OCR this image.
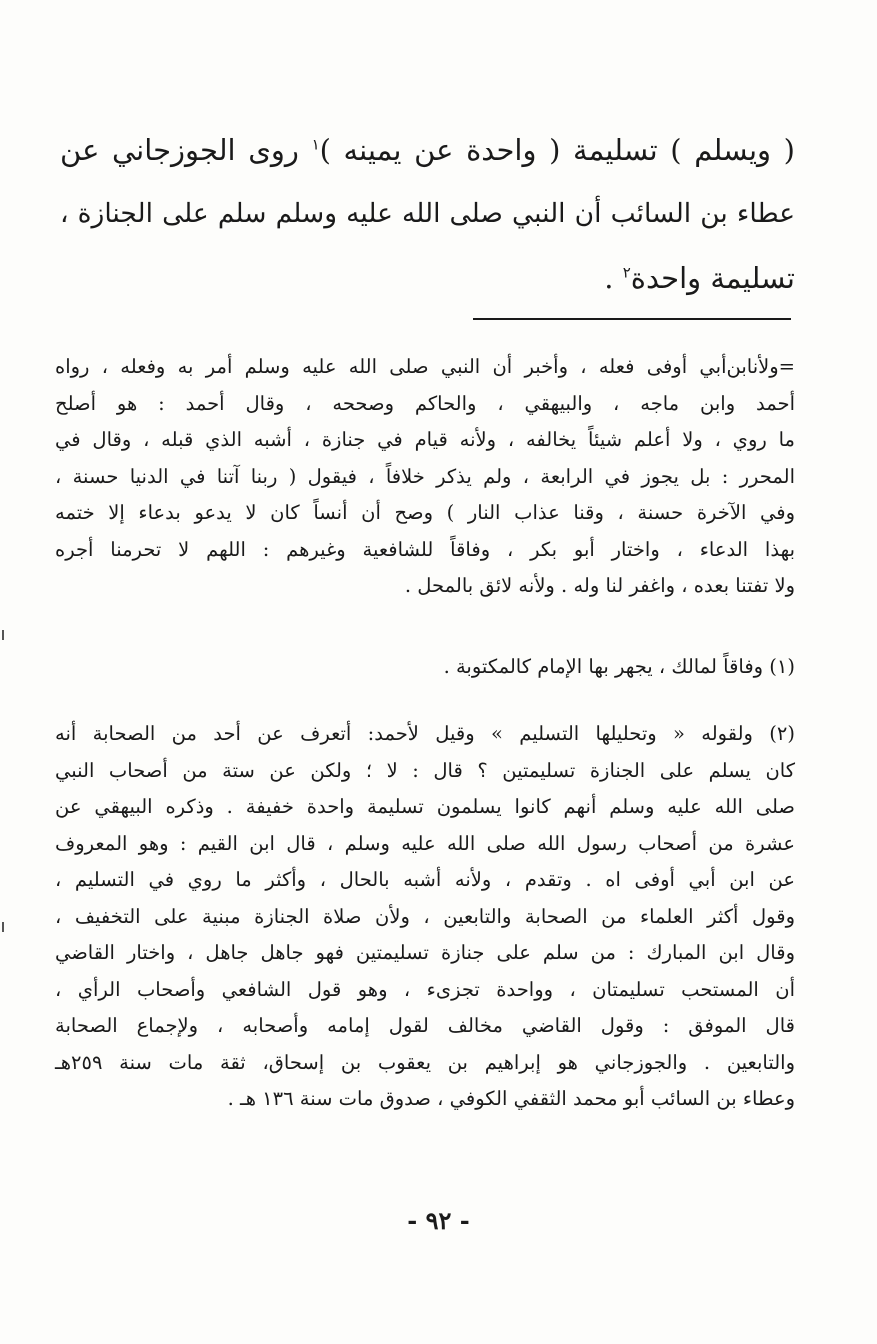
( ويسلم ) تسليمة ( واحدة عن يمينه )$^١$ روى الجوزجاني عن
عطاء بن السائب أن النبي صلى الله عليه وسلم سلم على الجنازة ،
تسليمة واحدة$^٢$ .
=ولأنابن‌أبي أوفى فعله ، وأخبر أن النبي صلى الله عليه وسلم أمر به وفعله ، رواه
أحمد وابن ماجه ، والبيهقي ، والحاكم وصححه ، وقال أحمد : هو أصلح
ما روي ، ولا أعلم شيئاً يخالفه ، ولأنه قيام في جنازة ، أشبه الذي قبله ، وقال في
المحرر : بل يجوز في الرابعة ، ولم يذكر خلافاً ، فيقول ( ربنا آتنا في الدنيا حسنة ،
وفي الآخرة حسنة ، وقنا عذاب النار ) وصح أن أنساً كان لا يدعو بدعاء إلا ختمه
بهذا الدعاء ، واختار أبو بكر ، وفاقاً للشافعية وغيرهم : اللهم لا تحرمنا أجره
ولا تفتنا بعده ، واغفر لنا وله . ولأنه لائق بالمحل .
(١) وفاقاً لمالك ، يجهر بها الإمام كالمكتوبة .
(٢) ولقوله « وتحليلها التسليم » وقيل لأحمد: أتعرف عن أحد من الصحابة أنه
كان يسلم على الجنازة تسليمتين ؟ قال : لا ؛ ولكن عن ستة من أصحاب النبي
صلى الله عليه وسلم أنهم كانوا يسلمون تسليمة واحدة خفيفة . وذكره البيهقي عن
عشرة من أصحاب رسول الله صلى الله عليه وسلم ، قال ابن القيم : وهو المعروف
عن ابن أبي أوفى اه . وتقدم ، ولأنه أشبه بالحال ، وأكثر ما روي في التسليم ،
وقول أكثر العلماء من الصحابة والتابعين ، ولأن صلاة الجنازة مبنية على التخفيف ،
وقال ابن المبارك : من سلم على جنازة تسليمتين فهو جاهل جاهل ، واختار القاضي
أن المستحب تسليمتان ، وواحدة تجزىء ، وهو قول الشافعي وأصحاب الرأي ،
قال الموفق : وقول القاضي مخالف لقول إمامه وأصحابه ، ولإجماع الصحابة
والتابعين . والجوزجاني هو إبراهيم بن يعقوب بن إسحاق، ثقة مات سنة ٢٥٩هـ
وعطاء بن السائب أبو محمد الثقفي الكوفي ، صدوق مات سنة ١٣٦ هـ .
- ٩٢ -
